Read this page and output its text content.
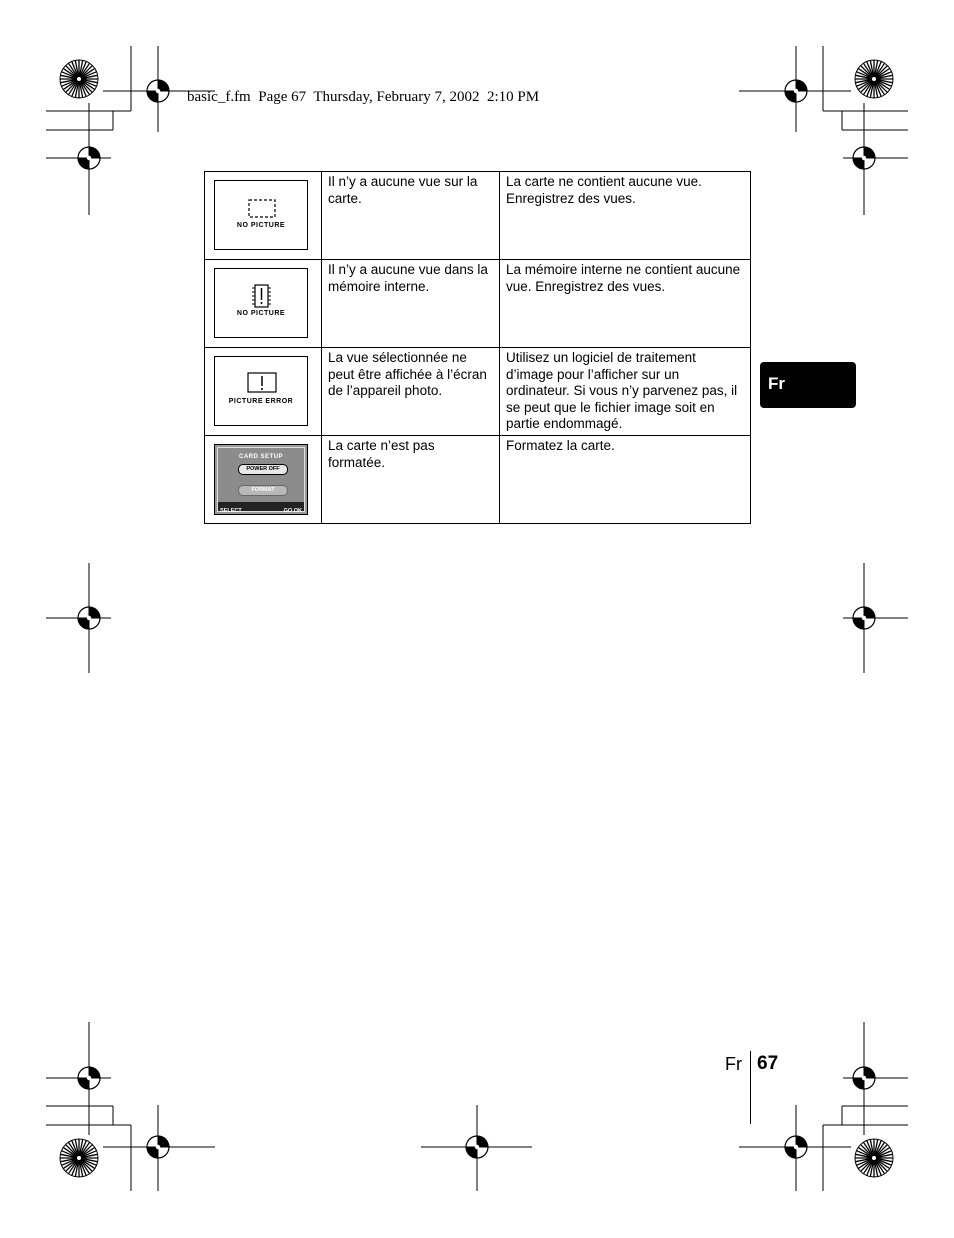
basic_f.fm  Page 67  Thursday, February 7, 2002  2:10 PM
NO PICTURE	Il n’y a aucune vue sur la carte.	La carte ne contient aucune vue. Enregistrez des vues.

NO PICTURE	Il n’y a aucune vue dans la mémoire interne.	La mémoire interne ne contient aucune vue. Enregistrez des vues.

PICTURE ERROR	La vue sélectionnée ne peut être affichée à l’écran de l’appareil photo.	Utilisez un logiciel de traitement d’image pour l’afficher sur un ordinateur. Si vous n’y parvenez pas, il se peut que le fichier image soit en partie endommagé.

CARD SETUP
POWER OFF
FORMAT
SELECT GO OK	La carte n’est pas formatée.	Formatez la carte.
Fr
Fr 67
